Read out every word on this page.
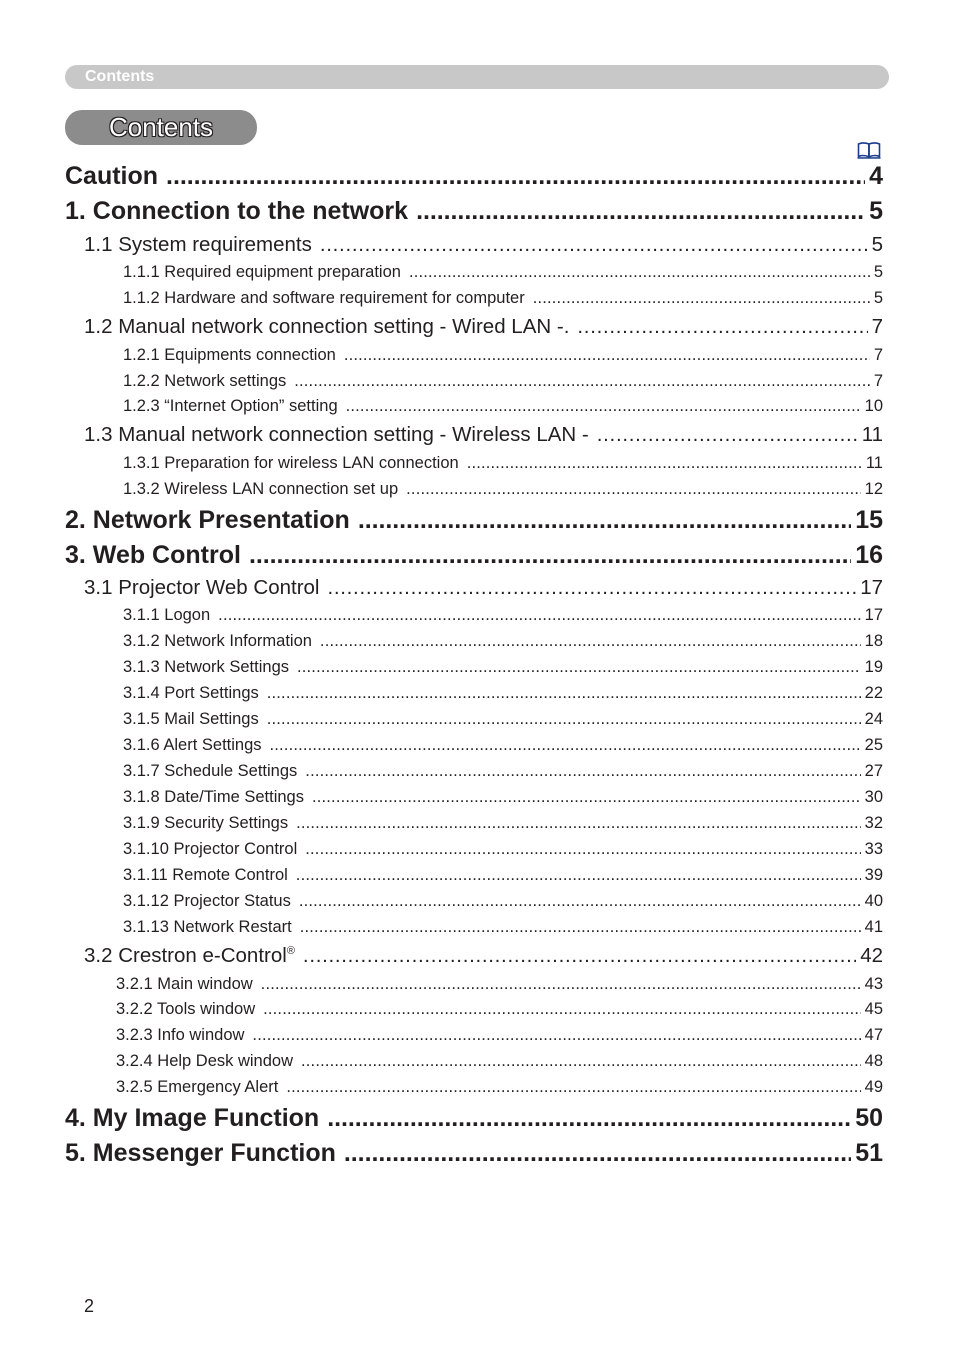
Contents
Contents
Caution . . .	4
1. Connection to the network . . .	5
1.1 System requirements . . .	5
1.1.1 Required equipment preparation . . .	5
1.1.2 Hardware and software requirement for computer . . .	5
1.2 Manual network connection setting - Wired LAN -. . . .	7
1.2.1 Equipments connection . . .	7
1.2.2 Network settings . . .	7
1.2.3 “Internet Option” setting . . .	10
1.3 Manual network connection setting - Wireless LAN - . . .	11
1.3.1 Preparation for wireless LAN connection . . .	11
1.3.2 Wireless LAN connection set up . . .	12
2. Network Presentation . . .	15
3. Web Control . . .	16
3.1 Projector Web Control . . .	17
3.1.1 Logon . . .	17
3.1.2 Network Information . . .	18
3.1.3 Network Settings . . .	19
3.1.4 Port Settings . . .	22
3.1.5 Mail Settings . . .	24
3.1.6 Alert Settings . . .	25
3.1.7 Schedule Settings . . .	27
3.1.8 Date/Time Settings . . .	30
3.1.9 Security Settings . . .	32
3.1.10 Projector Control . . .	33
3.1.11 Remote Control . . .	39
3.1.12 Projector Status . . .	40
3.1.13 Network Restart . . .	41
3.2 Crestron e-Control® . . .	42
3.2.1 Main window . . .	43
3.2.2 Tools window . . .	45
3.2.3 Info window . . .	47
3.2.4 Help Desk window . . .	48
3.2.5 Emergency Alert . . .	49
4. My Image Function . . .	50
5. Messenger Function . . .	51
2
